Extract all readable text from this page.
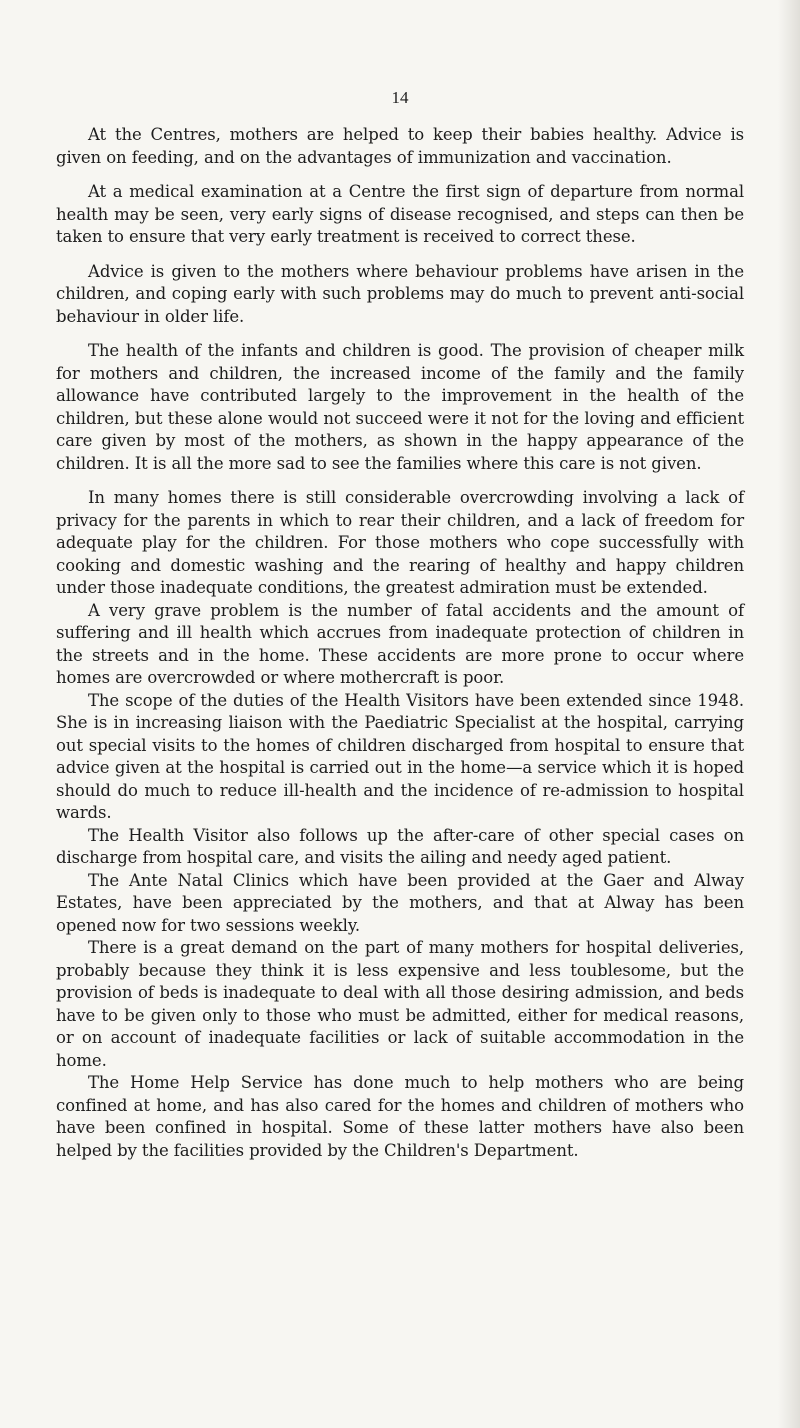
14

At the Centres, mothers are helped to keep their babies healthy. Advice is given on feeding, and on the advantages of immunization and vaccination.

At a medical examination at a Centre the first sign of departure from normal health may be seen, very early signs of disease recognised, and steps can then be taken to ensure that very early treatment is received to correct these.

Advice is given to the mothers where behaviour problems have arisen in the children, and coping early with such problems may do much to prevent anti-social behaviour in older life.

The health of the infants and children is good. The provision of cheaper milk for mothers and children, the increased income of the family and the family allowance have contributed largely to the improvement in the health of the children, but these alone would not succeed were it not for the loving and efficient care given by most of the mothers, as shown in the happy appearance of the children. It is all the more sad to see the families where this care is not given.

In many homes there is still considerable overcrowding involving a lack of privacy for the parents in which to rear their children, and a lack of freedom for adequate play for the children. For those mothers who cope successfully with cooking and domestic washing and the rearing of healthy and happy children under those inadequate conditions, the greatest admiration must be extended.

A very grave problem is the number of fatal accidents and the amount of suffering and ill health which accrues from inadequate protection of children in the streets and in the home. These accidents are more prone to occur where homes are overcrowded or where mothercraft is poor.

The scope of the duties of the Health Visitors have been extended since 1948. She is in increasing liaison with the Paediatric Specialist at the hospital, carrying out special visits to the homes of children discharged from hospital to ensure that advice given at the hospital is carried out in the home—a service which it is hoped should do much to reduce ill-health and the incidence of re-admission to hospital wards.

The Health Visitor also follows up the after-care of other special cases on discharge from hospital care, and visits the ailing and needy aged patient.

The Ante Natal Clinics which have been provided at the Gaer and Alway Estates, have been appreciated by the mothers, and that at Alway has been opened now for two sessions weekly.

There is a great demand on the part of many mothers for hospital deliveries, probably because they think it is less expensive and less toublesome, but the provision of beds is inadequate to deal with all those desiring admission, and beds have to be given only to those who must be admitted, either for medical reasons, or on account of inadequate facilities or lack of suitable accommodation in the home.

The Home Help Service has done much to help mothers who are being confined at home, and has also cared for the homes and children of mothers who have been confined in hospital. Some of these latter mothers have also been helped by the facilities provided by the Children's Department.
